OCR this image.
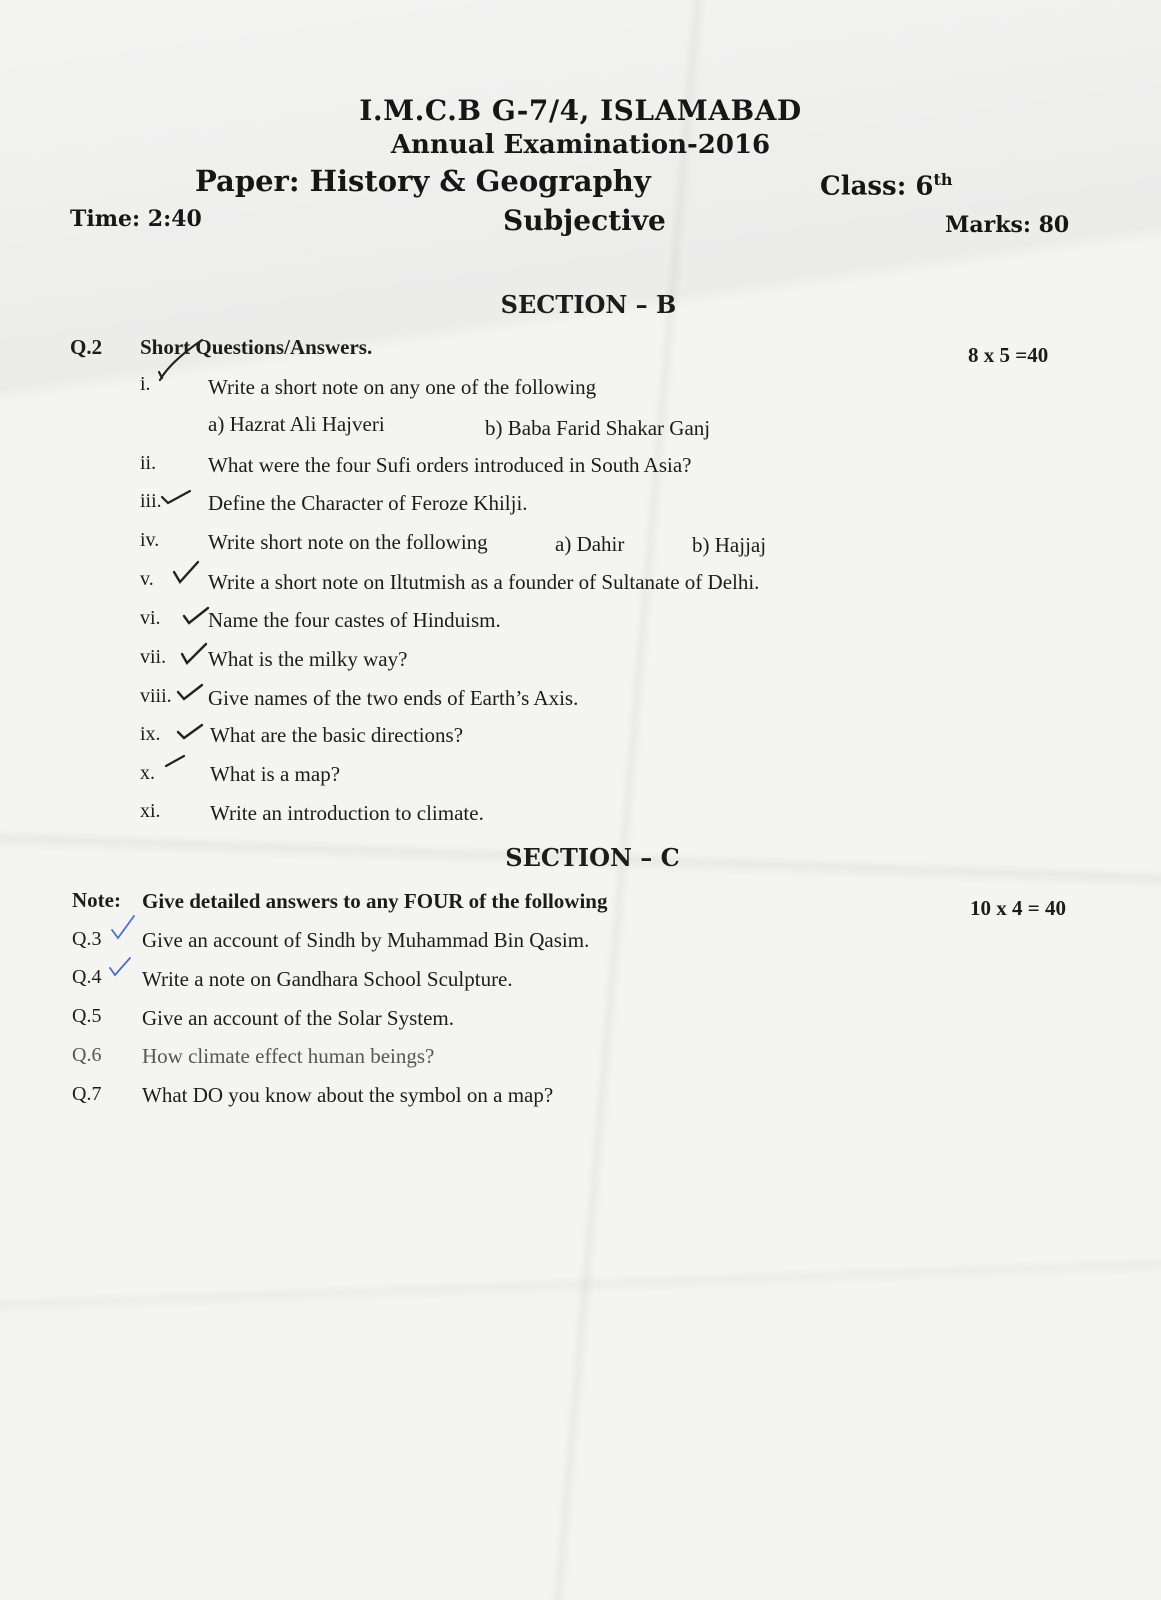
I.M.C.B G-7/4, ISLAMABAD
Annual Examination-2016
Paper: History & Geography	Class: 6th
Time: 2:40	Subjective	Marks: 80
SECTION – B
Q.2 Short Questions/Answers.	8 x 5 =40
i.	Write a short note on any one of the following
a) Hazrat Ali Hajveri	b) Baba Farid Shakar Ganj
ii. What were the four Sufi orders introduced in South Asia?
iii. Define the Character of Feroze Khilji.
iv. Write short note on the following	a) Dahir	b) Hajjaj
v.	Write a short note on Iltutmish as a founder of Sultanate of Delhi.
vi. Name the four castes of Hinduism.
vii. What is the milky way?
viii. Give names of the two ends of Earth’s Axis.
ix. What are the basic directions?
x.	What is a map?
xi. Write an introduction to climate.
SECTION – C
Note: Give detailed answers to any FOUR of the following	10 x 4 = 40
Q.3 Give an account of Sindh by Muhammad Bin Qasim.
Q.4 Write a note on Gandhara School Sculpture.
Q.5 Give an account of the Solar System.
Q.6 How climate effect human beings?
Q.7 What DO you know about the symbol on a map?
